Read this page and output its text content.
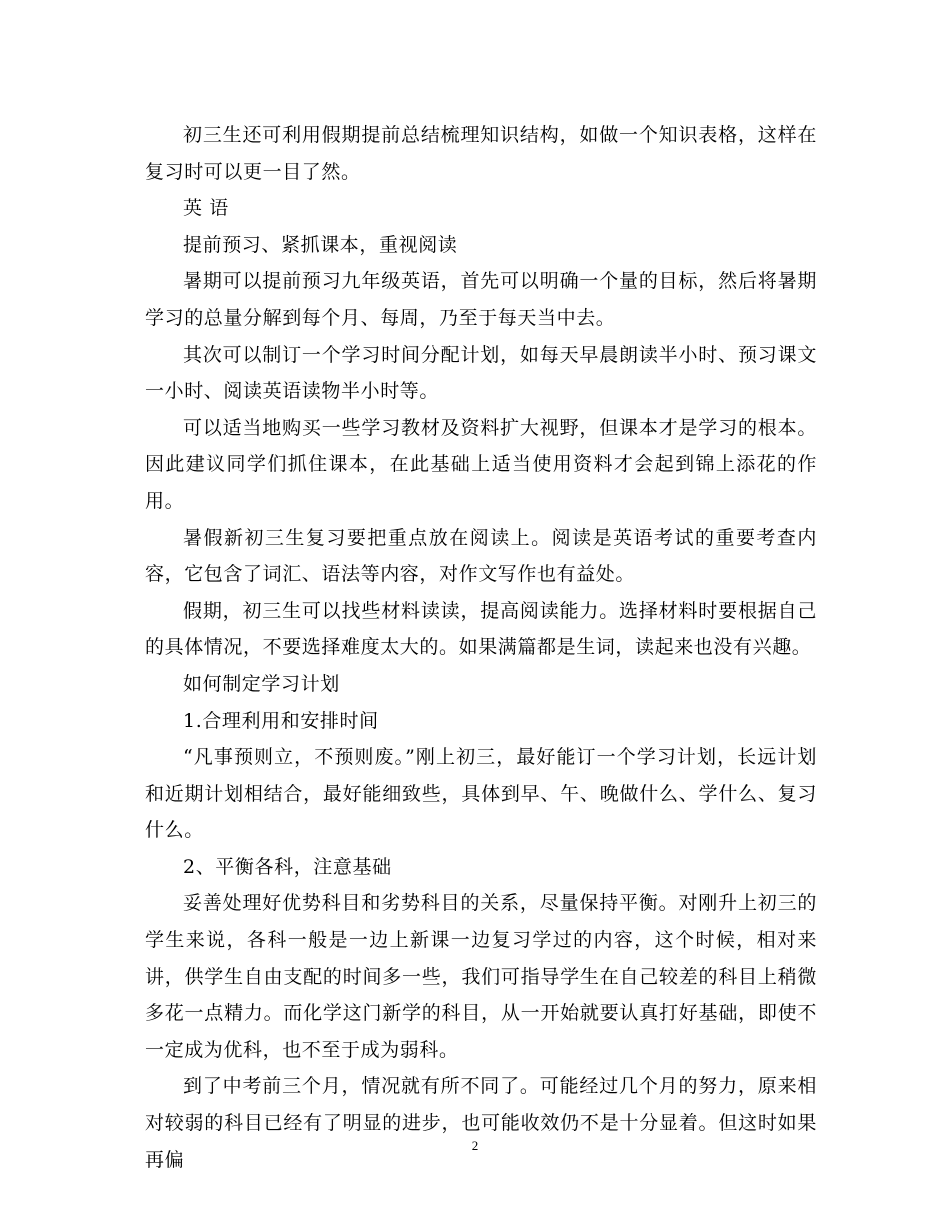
初三生还可利用假期提前总结梳理知识结构，如做一个知识表格，这样在复习时可以更一目了然。

英 语

提前预习、紧抓课本，重视阅读

暑期可以提前预习九年级英语，首先可以明确一个量的目标，然后将暑期学习的总量分解到每个月、每周，乃至于每天当中去。

其次可以制订一个学习时间分配计划，如每天早晨朗读半小时、预习课文一小时、阅读英语读物半小时等。

可以适当地购买一些学习教材及资料扩大视野，但课本才是学习的根本。因此建议同学们抓住课本，在此基础上适当使用资料才会起到锦上添花的作用。

暑假新初三生复习要把重点放在阅读上。阅读是英语考试的重要考查内容，它包含了词汇、语法等内容，对作文写作也有益处。

假期，初三生可以找些材料读读，提高阅读能力。选择材料时要根据自己的具体情况，不要选择难度太大的。如果满篇都是生词，读起来也没有兴趣。

如何制定学习计划

1.合理利用和安排时间

“凡事预则立，不预则废。”刚上初三，最好能订一个学习计划，长远计划和近期计划相结合，最好能细致些，具体到早、午、晚做什么、学什么、复习什么。

2、平衡各科，注意基础

妥善处理好优势科目和劣势科目的关系，尽量保持平衡。对刚升上初三的学生来说，各科一般是一边上新课一边复习学过的内容，这个时候，相对来讲，供学生自由支配的时间多一些，我们可指导学生在自己较差的科目上稍微多花一点精力。而化学这门新学的科目，从一开始就要认真打好基础，即使不一定成为优科，也不至于成为弱科。

到了中考前三个月，情况就有所不同了。可能经过几个月的努力，原来相对较弱的科目已经有了明显的进步，也可能收效仍不是十分显着。但这时如果再偏

2
